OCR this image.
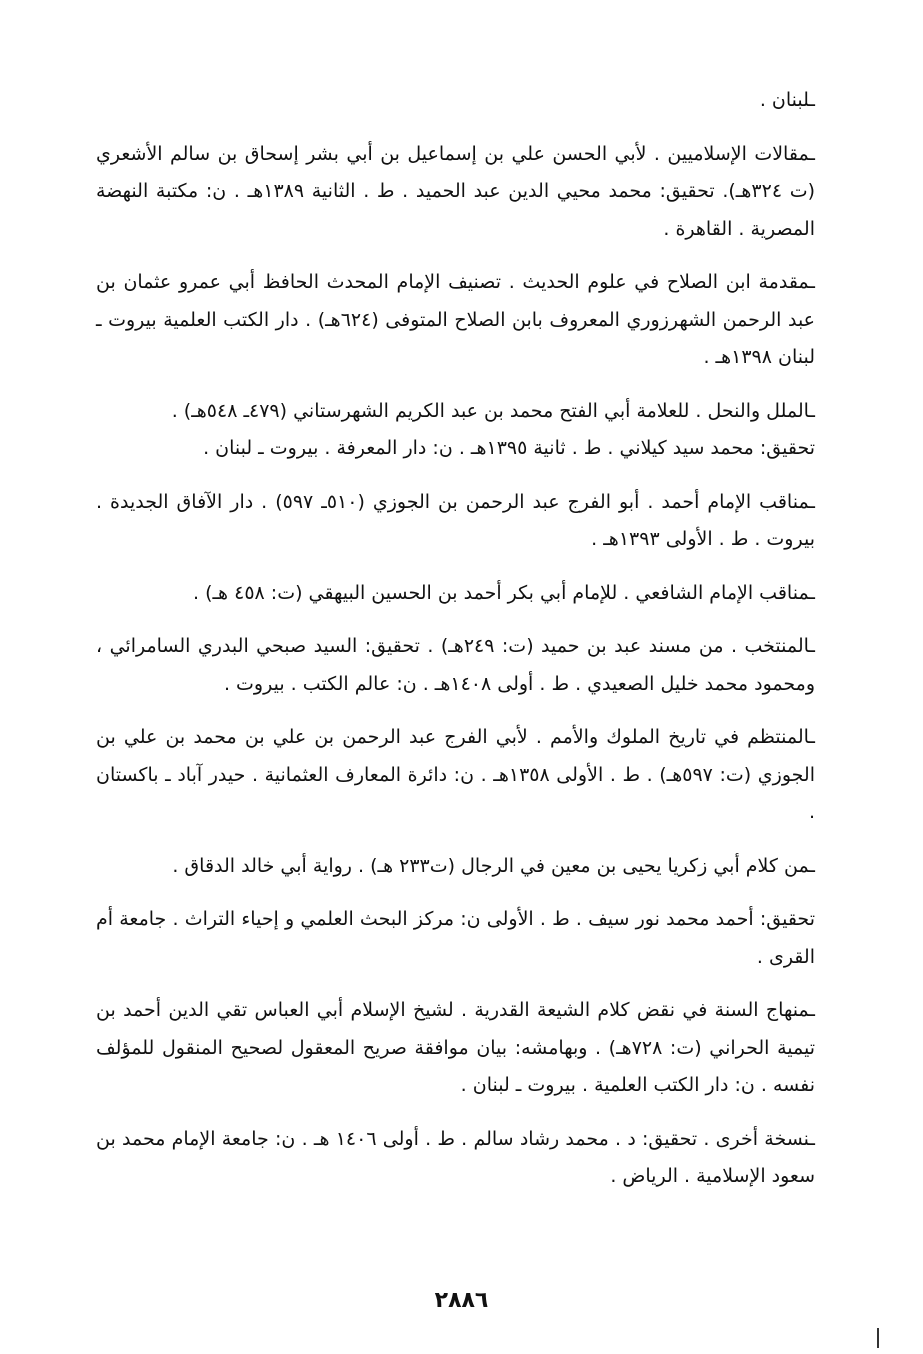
ـلبنان .

ـمقالات الإسلاميين . لأبي الحسن علي بن إسماعيل بن أبي بشر إسحاق بن سالم الأشعري (ت ٣٢٤هـ). تحقيق: محمد محيي الدين عبد الحميد . ط . الثانية ١٣٨٩هـ . ن: مكتبة النهضة المصرية . القاهرة .

ـمقدمة ابن الصلاح في علوم الحديث . تصنيف الإمام المحدث الحافظ أبي عمرو عثمان بن عبد الرحمن الشهرزوري المعروف بابن الصلاح المتوفى (٦٢٤هـ) . دار الكتب العلمية بيروت ـ لبنان ١٣٩٨هـ .

ـالملل والنحل . للعلامة أبي الفتح محمد بن عبد الكريم الشهرستاني (٤٧٩ـ ٥٤٨هـ) .

تحقيق: محمد سيد كيلاني . ط . ثانية ١٣٩٥هـ . ن: دار المعرفة . بيروت ـ لبنان .

ـمناقب الإمام أحمد . أبو الفرج عبد الرحمن بن الجوزي (٥١٠ـ ٥٩٧) . دار الآفاق الجديدة . بيروت . ط . الأولى ١٣٩٣هـ .

ـمناقب الإمام الشافعي . للإمام أبي بكر أحمد بن الحسين البيهقي (ت: ٤٥٨ هـ) .

ـالمنتخب . من مسند عبد بن حميد (ت: ٢٤٩هـ) . تحقيق: السيد صبحي البدري السامرائي ، ومحمود محمد خليل الصعيدي . ط . أولى ١٤٠٨هـ . ن: عالم الكتب . بيروت .

ـالمنتظم في تاريخ الملوك والأمم . لأبي الفرج عبد الرحمن بن علي بن محمد بن علي بن الجوزي (ت: ٥٩٧هـ) . ط . الأولى ١٣٥٨هـ . ن: دائرة المعارف العثمانية . حيدر آباد ـ باكستان .

ـمن كلام أبي زكريا يحيى بن معين في الرجال (ت٢٣٣ هـ) . رواية أبي خالد الدقاق .

تحقيق: أحمد محمد نور سيف . ط . الأولى ن: مركز البحث العلمي و إحياء التراث . جامعة أم القرى .

ـمنهاج السنة في نقض كلام الشيعة القدرية . لشيخ الإسلام أبي العباس تقي الدين أحمد بن تيمية الحراني (ت: ٧٢٨هـ) . وبهامشه: بيان موافقة صريح المعقول لصحيح المنقول للمؤلف نفسه . ن: دار الكتب العلمية . بيروت ـ لبنان .

ـنسخة أخرى . تحقيق: د . محمد رشاد سالم . ط . أولى ١٤٠٦ هـ . ن: جامعة الإمام محمد بن سعود الإسلامية . الرياض .

٢٨٨٦
